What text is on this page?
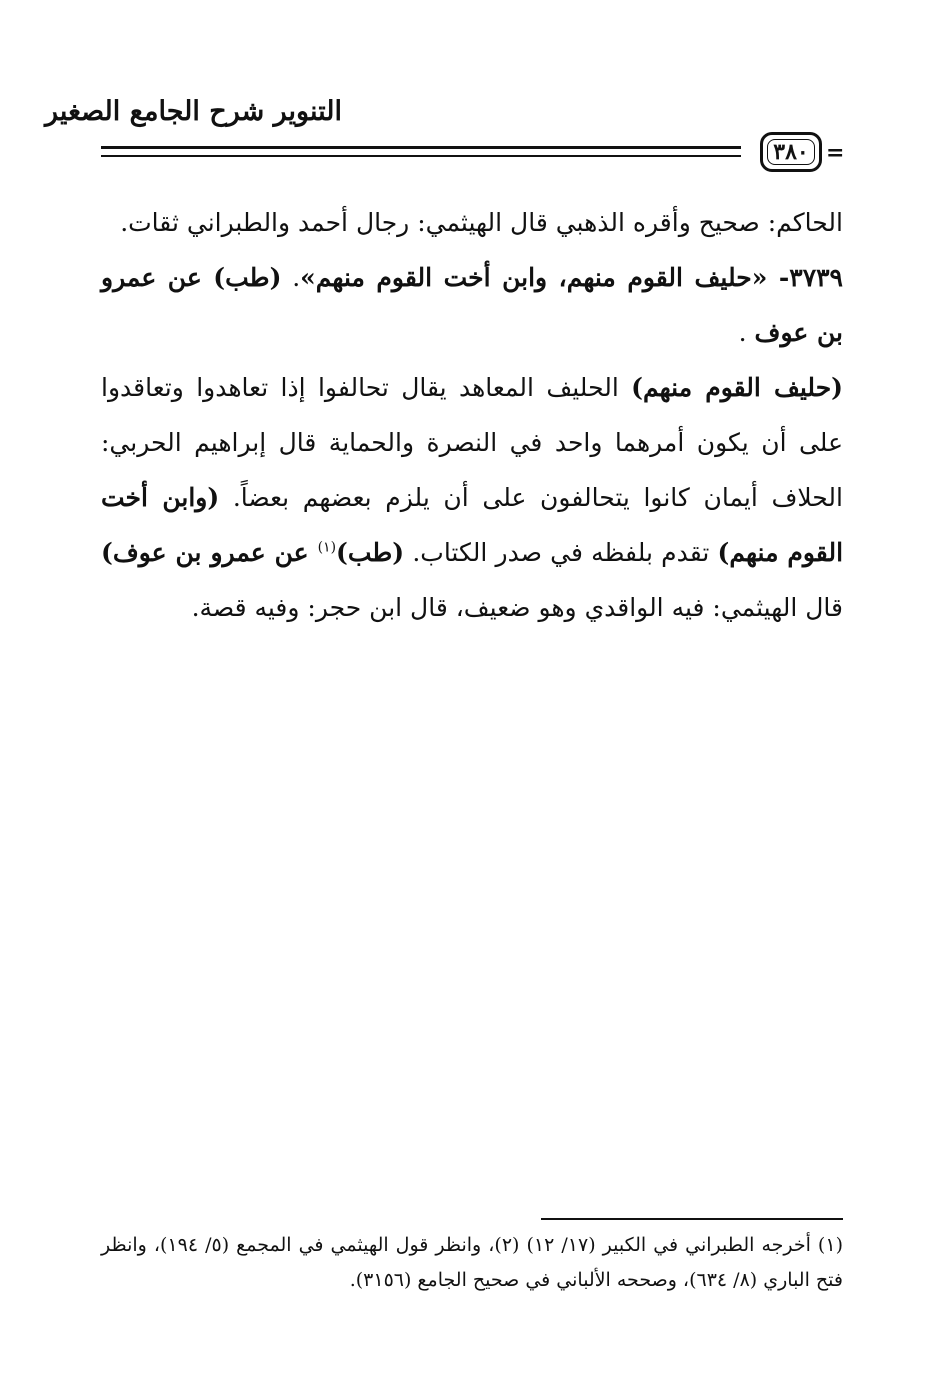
التنوير شرح الجامع الصغير
٣٨٠ =

الحاكم: صحيح وأقره الذهبي قال الهيثمي: رجال أحمد والطبراني ثقات.

٣٧٣٩- «حليف القوم منهم، وابن أخت القوم منهم». (طب) عن عمرو بن عوف .

(حليف القوم منهم) الحليف المعاهد يقال تحالفوا إذا تعاهدوا وتعاقدوا على أن يكون أمرهما واحد في النصرة والحماية قال إبراهيم الحربي: الحلاف أيمان كانوا يتحالفون على أن يلزم بعضهم بعضاً. (وابن أخت القوم منهم) تقدم بلفظه في صدر الكتاب. (طب)$^{(١)}$ عن عمرو بن عوف) قال الهيثمي: فيه الواقدي وهو ضعيف، قال ابن حجر: وفيه قصة.

(١) أخرجه الطبراني في الكبير (١٧/ ١٢) (٢)، وانظر قول الهيثمي في المجمع (٥/ ١٩٤)، وانظر فتح الباري (٨/ ٦٣٤)، وصححه الألباني في صحيح الجامع (٣١٥٦).
